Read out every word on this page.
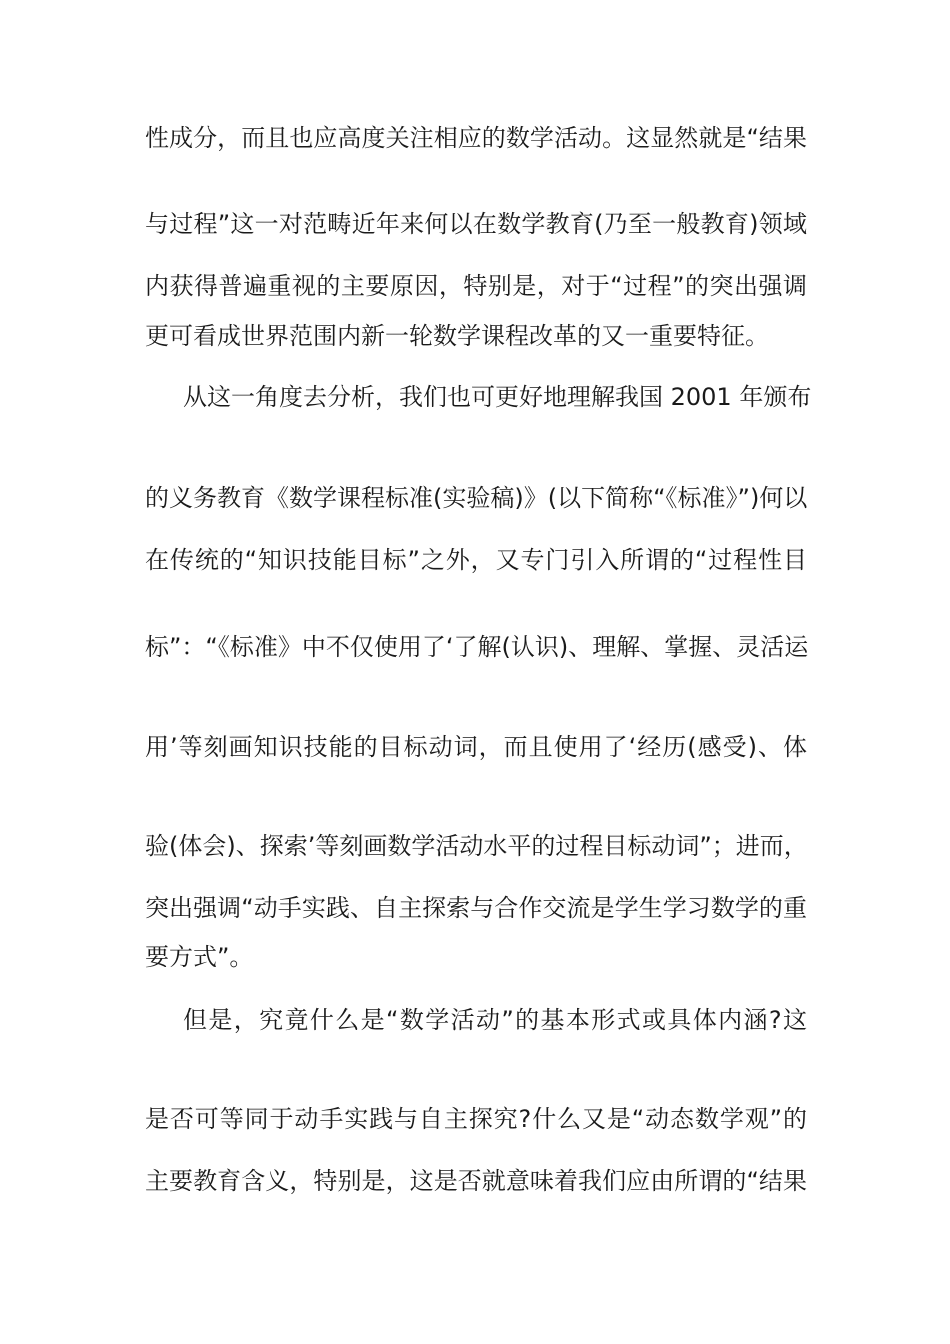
性成分，而且也应高度关注相应的数学活动。这显然就是“结果
与过程”这一对范畴近年来何以在数学教育(乃至一般教育)领域
内获得普遍重视的主要原因，特别是，对于“过程”的突出强调
更可看成世界范围内新一轮数学课程改革的又一重要特征。
从这一角度去分析，我们也可更好地理解我国 2001 年颁布
的义务教育《数学课程标准(实验稿)》(以下简称“《标准》”)何以
在传统的“知识技能目标”之外，又专门引入所谓的“过程性目
标”：“《标准》中不仅使用了‘了解(认识)、理解、掌握、灵活运
用’等刻画知识技能的目标动词，而且使用了‘经历(感受)、体
验(体会)、探索’等刻画数学活动水平的过程目标动词”；进而，
突出强调“动手实践、自主探索与合作交流是学生学习数学的重
要方式”。
但是，究竟什么是“数学活动”的基本形式或具体内涵?这
是否可等同于动手实践与自主探究?什么又是“动态数学观”的
主要教育含义，特别是，这是否就意味着我们应由所谓的“结果
